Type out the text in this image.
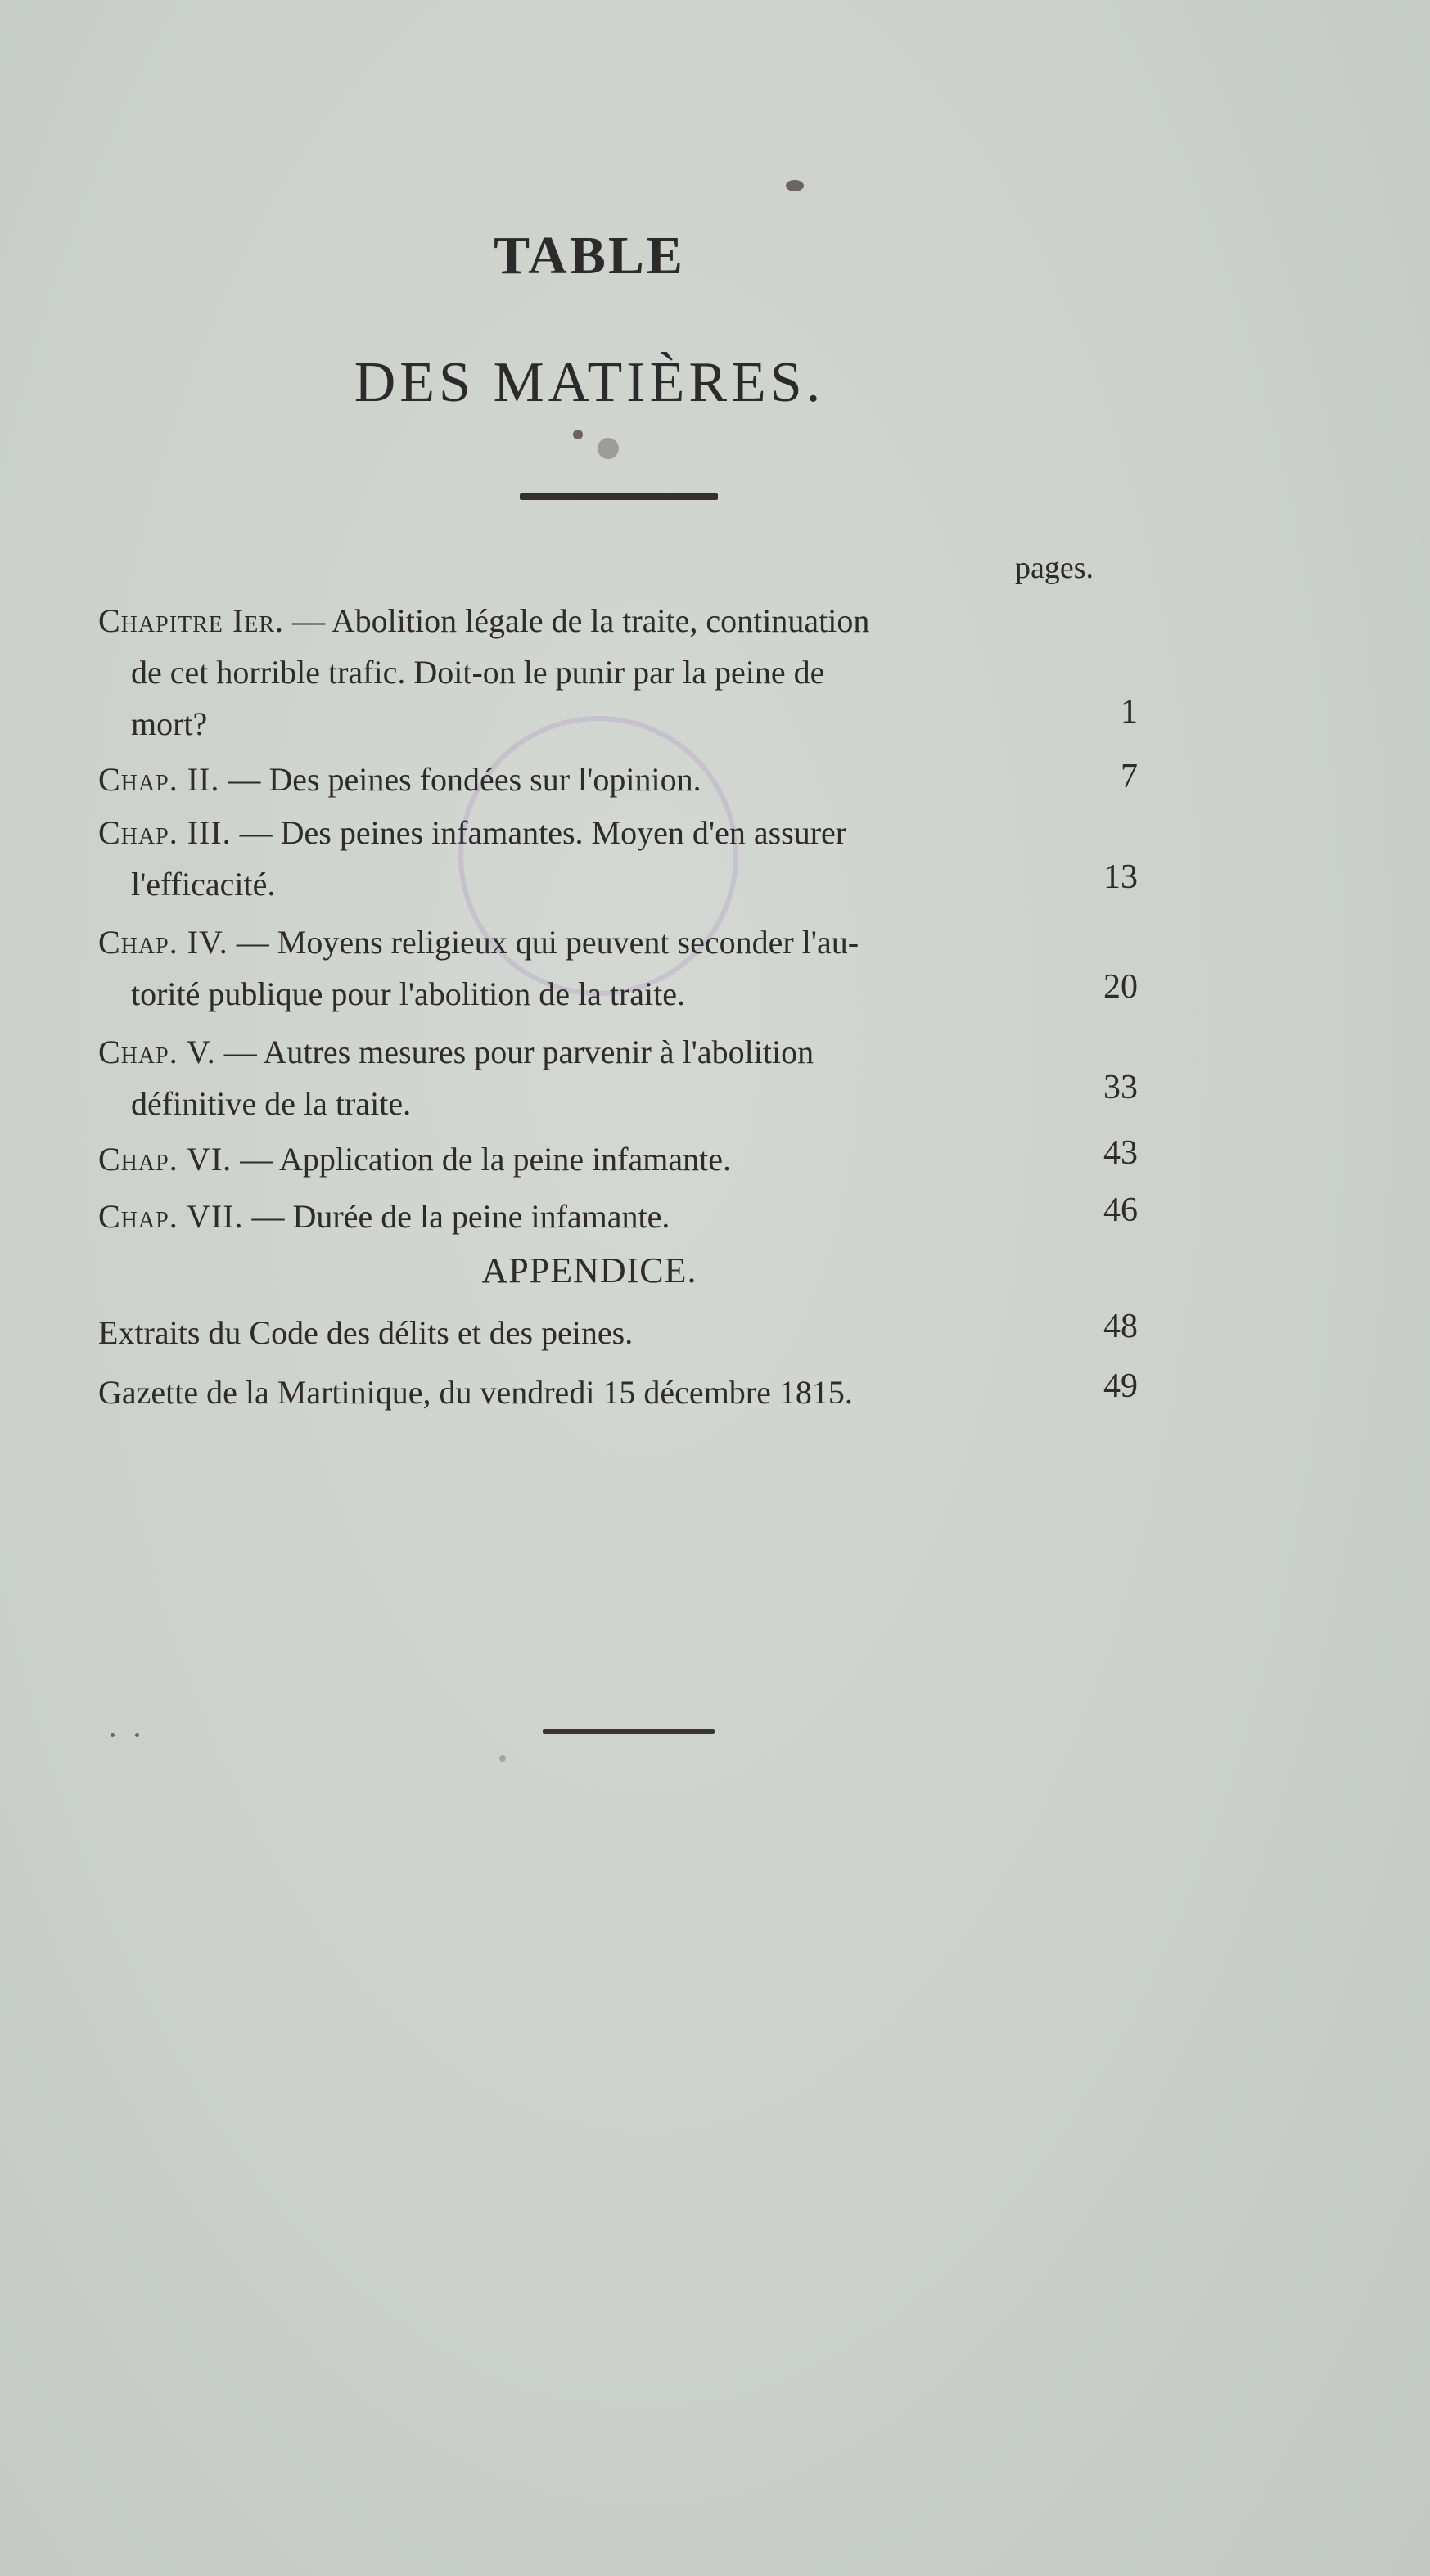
TABLE
DES MATIÈRES.
pages.
Chapitre Ier. — Abolition légale de la traite, continuation
de cet horrible trafic. Doit-on le punir par la peine de
mort?	1
Chap. II. — Des peines fondées sur l'opinion.	7
Chap. III. — Des peines infamantes. Moyen d'en assurer
l'efficacité.	13
Chap. IV. — Moyens religieux qui peuvent seconder l'au-
torité publique pour l'abolition de la traite.	20
Chap. V. — Autres mesures pour parvenir à l'abolition
définitive de la traite.	33
Chap. VI. — Application de la peine infamante.	43
Chap. VII. — Durée de la peine infamante.	46
APPENDICE.
Extraits du Code des délits et des peines.	48
Gazette de la Martinique, du vendredi 15 décembre 1815.	49
